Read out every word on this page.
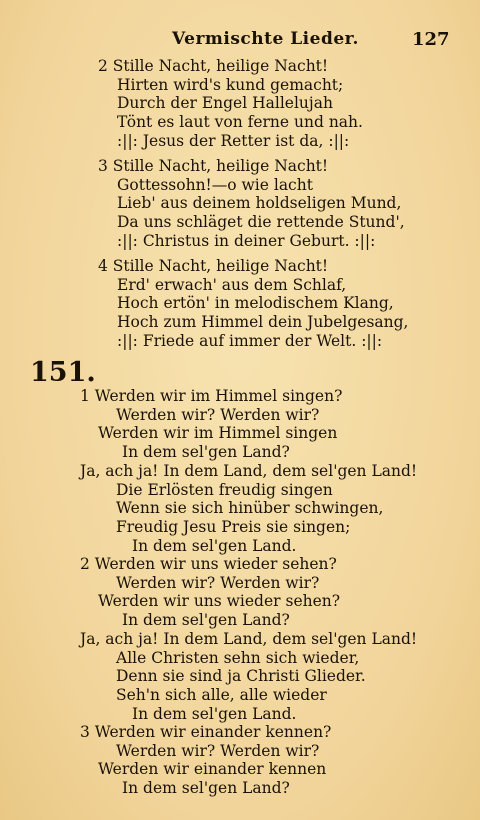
Vermischte Lieder.	127
151.
2 Stille Nacht, heilige Nacht!
Hirten wird's kund gemacht;
Durch der Engel Hallelujah
Tönt es laut von ferne und nah.
:||: Jesus der Retter ist da, :||:
3 Stille Nacht, heilige Nacht!
Gottessohn!—o wie lacht
Lieb' aus deinem holdseligen Mund,
Da uns schläget die rettende Stund',
:||: Christus in deiner Geburt. :||:
4 Stille Nacht, heilige Nacht!
Erd' erwach' aus dem Schlaf,
Hoch ertön' in melodischem Klang,
Hoch zum Himmel dein Jubelgesang,
:||: Friede auf immer der Welt. :||:
1 Werden wir im Himmel singen?
Werden wir? Werden wir?
Werden wir im Himmel singen
In dem sel'gen Land?
Ja, ach ja! In dem Land, dem sel'gen Land!
Die Erlösten freudig singen
Wenn sie sich hinüber schwingen,
Freudig Jesu Preis sie singen;
In dem sel'gen Land.
2 Werden wir uns wieder sehen?
Werden wir? Werden wir?
Werden wir uns wieder sehen?
In dem sel'gen Land?
Ja, ach ja! In dem Land, dem sel'gen Land!
Alle Christen sehn sich wieder,
Denn sie sind ja Christi Glieder.
Seh'n sich alle, alle wieder
In dem sel'gen Land.
3 Werden wir einander kennen?
Werden wir? Werden wir?
Werden wir einander kennen
In dem sel'gen Land?
